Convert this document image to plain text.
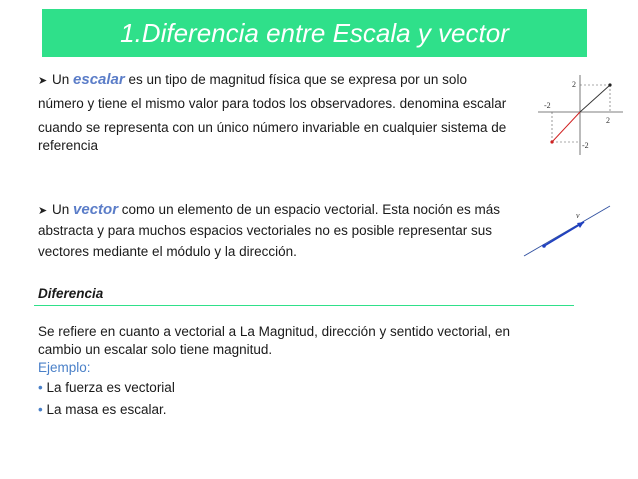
1.Diferencia entre Escala y vector
➤ Un escalar es un tipo de magnitud física que se expresa por un solo
número y tiene el mismo valor para todos los observadores. denomina escalar
cuando se representa con un único número invariable en cualquier sistema de
referencia
➤ Un vector como un elemento de un espacio vectorial. Esta noción es más
abstracta y para muchos espacios vectoriales no es posible representar sus
vectores mediante el módulo y la dirección.
Diferencia
Se refiere en cuanto a vectorial a La Magnitud, dirección y sentido vectorial, en
cambio un escalar solo tiene magnitud.
Ejemplo:
• La fuerza es vectorial
• La masa es escalar.
2
-2
2
-2
v
